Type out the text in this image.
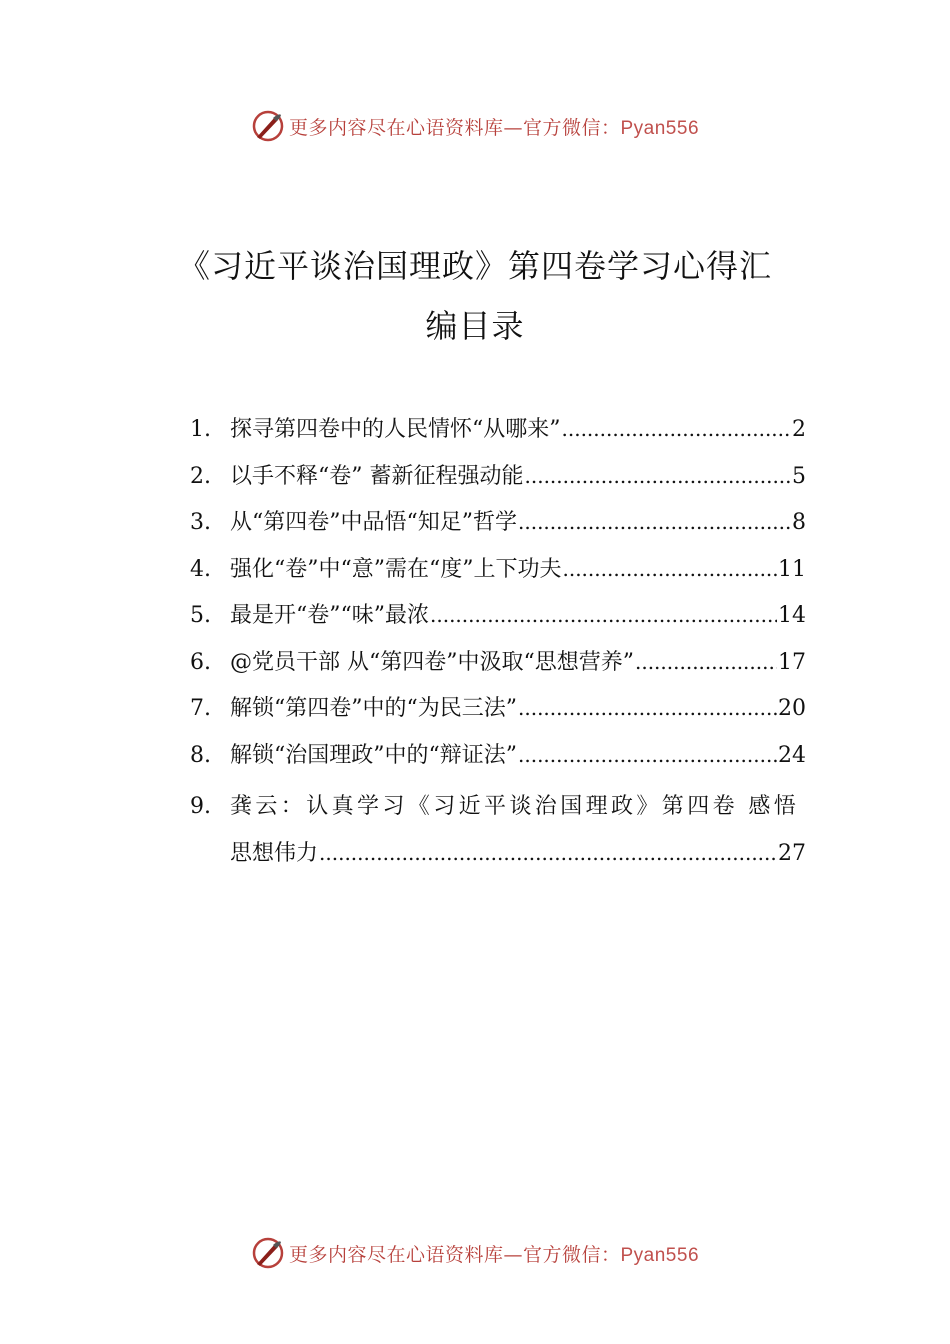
更多内容尽在心语资料库—官方微信：Pyan556
《习近平谈治国理政》第四卷学习心得汇
编目录
1. 探寻第四卷中的人民情怀“从哪来” .....	2
2. 以手不释“卷” 蓄新征程强动能 .....	5
3. 从“第四卷”中品悟“知足”哲学 .....	8
4. 强化“卷”中“意”需在“度”上下功夫 .....	11
5. 最是开“卷”“味”最浓 .....	14
6. @党员干部 从“第四卷”中汲取“思想营养” .....	17
7. 解锁“第四卷”中的“为民三法” .....	20
8. 解锁“治国理政”中的“辩证法” .....	24
9. 龚云：认真学习《习近平谈治国理政》第四卷 感悟
思想伟力 .....	27
更多内容尽在心语资料库—官方微信：Pyan556
